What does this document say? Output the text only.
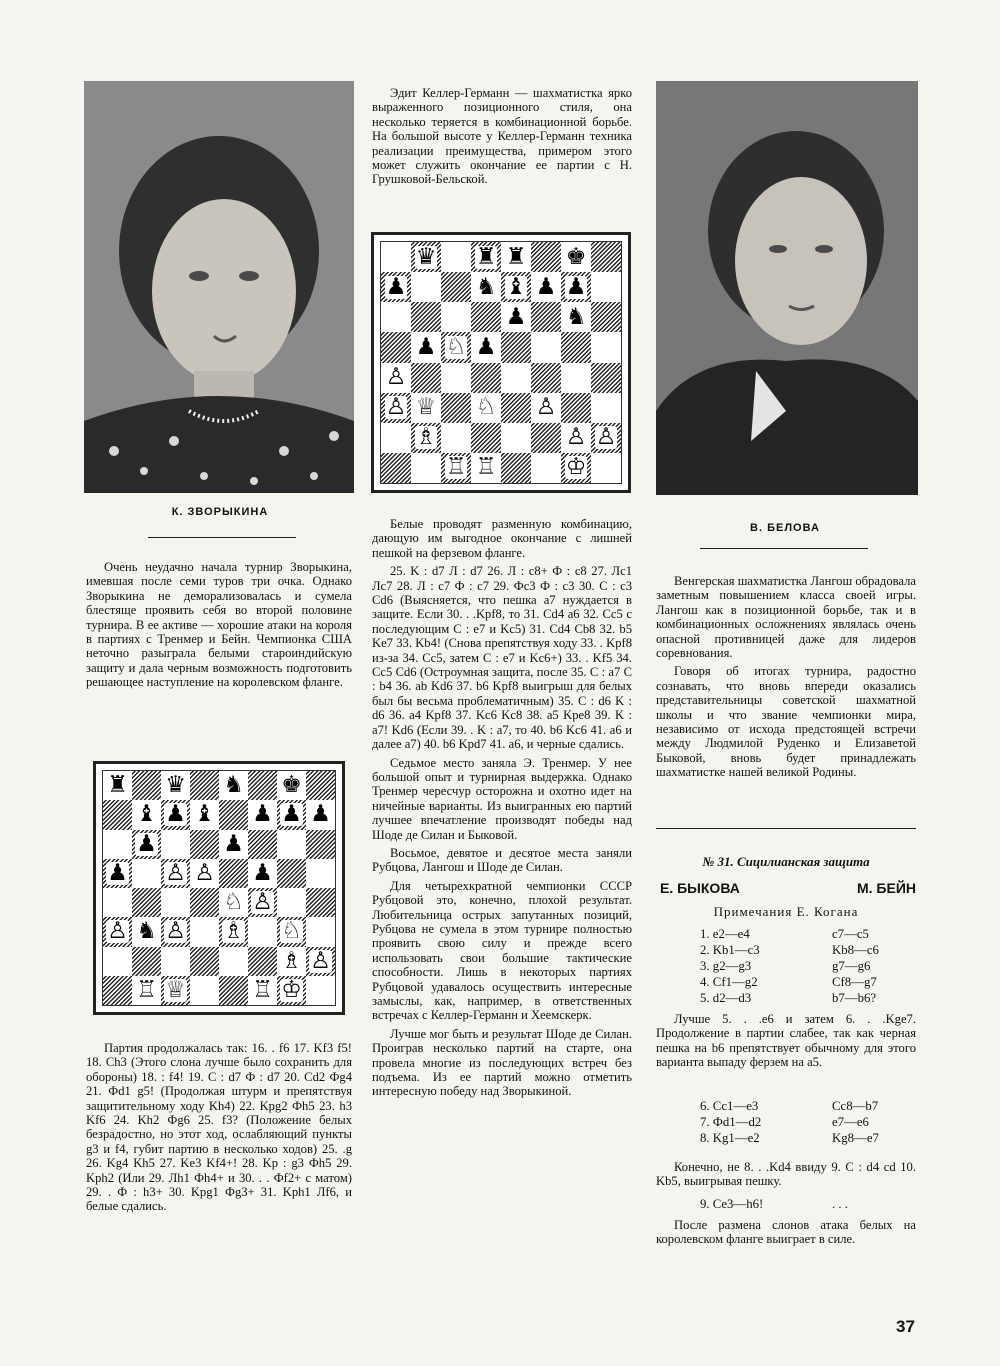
К. ЗВОРЫКИНА
В. БЕЛОВА

Очень неудачно начала турнир Зворыкина, имевшая после семи туров три очка. Однако Зворыкина не деморализовалась и сумела блестяще проявить себя во второй половине турнира. В ее активе — хорошие атаки на короля в партиях с Тренмер и Бейн. Чемпионка США неточно разыграла белыми староиндийскую защиту и дала черным возможность подготовить решающее наступление на королевском фланге.

♜ ♛ ♞ ♚
♝ ♟ ♝ ♟ ♟ ♟
♟	♟
♟ ♙ ♙ ♟
♘ ♙
♙ ♞ ♙ ♗ ♘
♗ ♙
♖ ♕	♖ ♔

Партия продолжалась так: 16. . f6 17. Kf3 f5! 18. Ch3 (Этого слона лучше было сохранить для обороны) 18. : f4! 19. C : d7 Ф : d7 20. Cd2 Фg4 21. Фd1 g5! (Продолжая штурм и препятствуя защитительному ходу Kh4) 22. Kpg2 Фh5 23. h3 Kf6 24. Kh2 Фg6 25. f3? (Положение белых безрадостно, но этот ход, ослабляющий пункты g3 и f4, губит партию в несколько ходов) 25. .g 26. Kg4 Kh5 27. Ke3 Kf4+! 28. Kp : g3 Фh5 29. Kph2 (Или 29. Лh1 Фh4+ и 30. . . Фf2+ с матом) 29. . Ф : h3+ 30. Kpg1 Фg3+ 31. Kph1 Лf6, и белые сдались.

Эдит Келлер-Германн — шахматистка ярко выраженного позиционного стиля, она несколько теряется в комбинационной борьбе. На большой высоте у Келлер-Германн техника реализации преимущества, примером этого может служить окончание ее партии с Н. Грушковой-Бельской.

♛ ♜ ♜ ♚
♟	♞ ♝ ♟ ♟
♟ ♞
♟ ♘ ♟
♙
♙ ♕ ♘ ♙
♗	♙ ♙
♖ ♖	♔

Белые проводят разменную комбинацию, дающую им выгодное окончание с лишней пешкой на ферзевом фланге.

25. K : d7 Л : d7 26. Л : c8+ Ф : c8 27. Лc1 Лc7 28. Л : c7 Ф : c7 29. Фc3 Ф : c3 30. C : c3 Cd6 (Выясняется, что пешка a7 нуждается в защите. Если 30. . .Kpf8, то 31. Cd4 a6 32. Cc5 с последующим C : e7 и Kc5) 31. Cd4 Cb8 32. b5 Ke7 33. Kb4! (Снова препятствуя ходу 33. . Kpf8 из-за 34. Cc5, затем C : e7 и Kc6+) 33. . Kf5 34. Cc5 Cd6 (Остроумная защита, после 35. C : a7 C : b4 36. ab Kd6 37. b6 Kpf8 выигрыш для белых был бы весьма проблематичным) 35. C : d6 K : d6 36. a4 Kpf8 37. Kc6 Kc8 38. a5 Kpe8 39. K : a7! Kd6 (Если 39. . K : a7, то 40. b6 Kc6 41. a6 и далее a7) 40. b6 Kpd7 41. a6, и черные сдались.

Седьмое место заняла Э. Тренмер. У нее большой опыт и турнирная выдержка. Однако Тренмер чересчур осторожна и охотно идет на ничейные варианты. Из выигранных ею партий лучшее впечатление производят победы над Шоде де Силан и Быковой.

Восьмое, девятое и десятое места заняли Рубцова, Лангош и Шоде де Силан.

Для четырехкратной чемпионки СССР Рубцовой это, конечно, плохой результат. Любительница острых запутанных позиций, Рубцова не сумела в этом турнире полностью проявить свою силу и прежде всего использовать свои большие тактические способности. Лишь в некоторых партиях Рубцовой удавалось осуществить интересные замыслы, как, например, в ответственных встречах с Келлер-Германн и Хеемскерк.

Лучше мог быть и результат Шоде де Силан. Проиграв несколько партий на старте, она провела многие из последующих встреч без подъема. Из ее партий можно отметить интересную победу над Зворыкиной.

Венгерская шахматистка Лангош обрадовала заметным повышением класса своей игры. Лангош как в позиционной борьбе, так и в комбинационных осложнениях являлась очень опасной противницей даже для лидеров соревнования.

Говоря об итогах турнира, радостно сознавать, что вновь впереди оказались представительницы советской шахматной школы и что звание чемпионки мира, независимо от исхода предстоящей встречи между Людмилой Руденко и Елизаветой Быковой, вновь будет принадлежать шахматистке нашей великой Родины.

№ 31. Сицилианская защита
Е. БЫКОВА	М. БЕЙН
Примечания Е. Когана
1. e2—e4	c7—c5
2. Kb1—c3	Kb8—c6
3. g2—g3	g7—g6
4. Cf1—g2	Cf8—g7
5. d2—d3	b7—b6?

Лучше 5. . .e6 и затем 6. . .Kge7. Продолжение в партии слабее, так как черная пешка на b6 препятствует обычному для этого варианта выпаду ферзем на a5.

6. Cc1—e3	Cc8—b7
7. Фd1—d2	e7—e6
8. Kg1—e2	Kg8—e7

Конечно, не 8. . .Kd4 ввиду 9. C : d4 cd 10. Kb5, выигрывая пешку.

9. Ce3—h6!	. . .

После размена слонов атака белых на королевском фланге выиграет в силе.

37
